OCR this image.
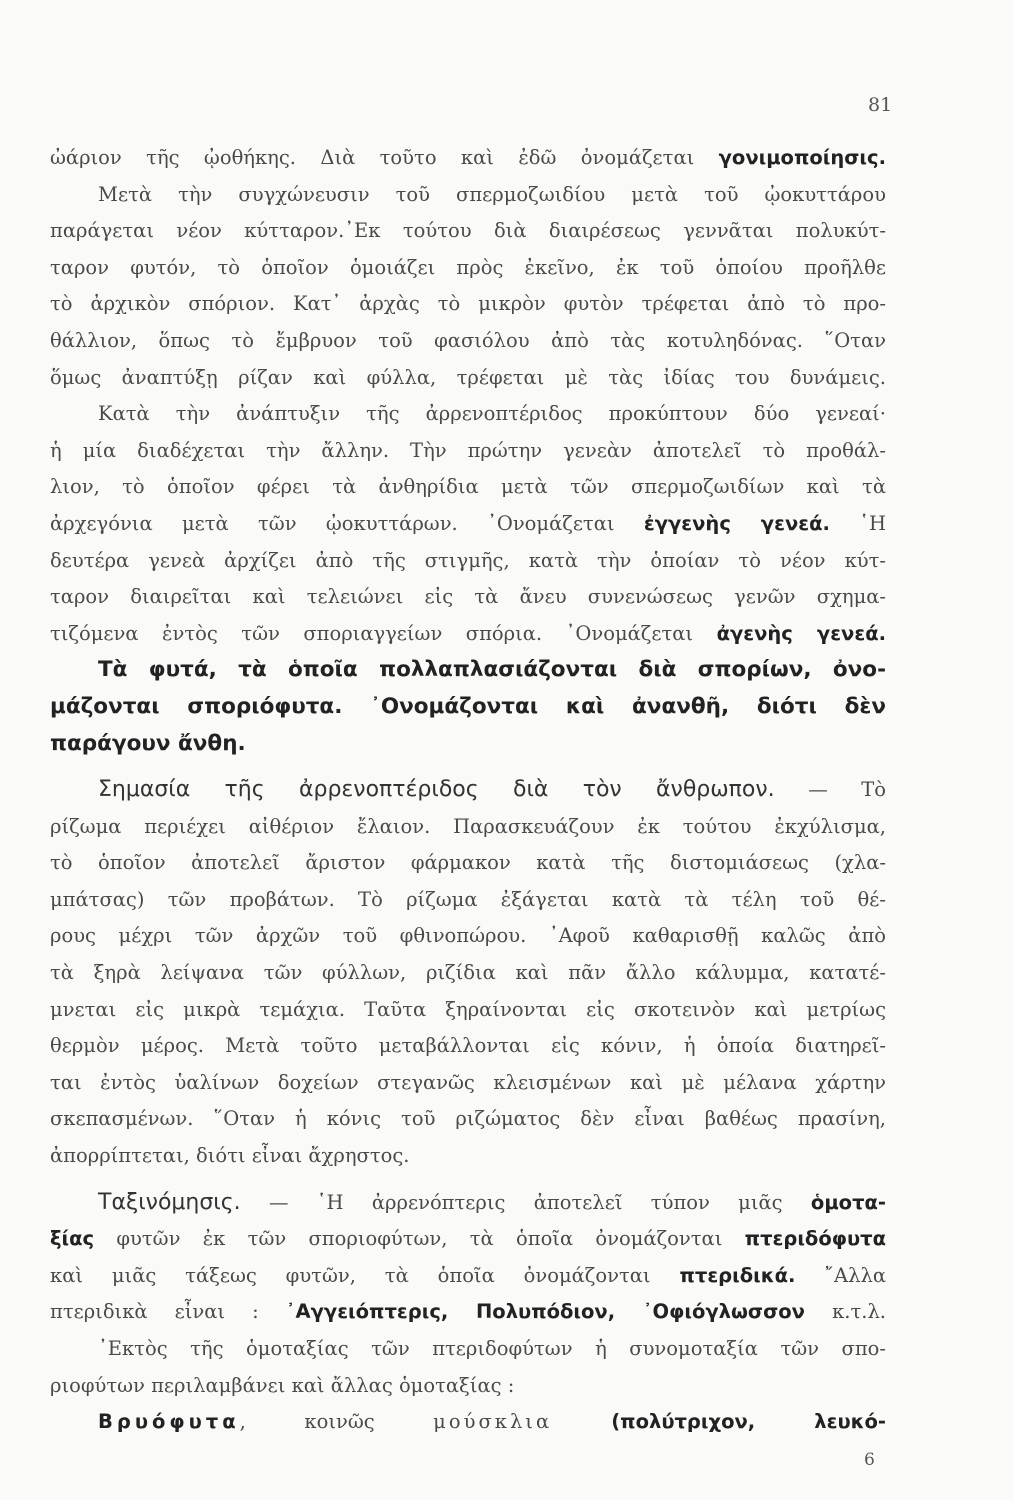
81
ὠάριον τῆς ᾠοθήκης. Διὰ τοῦτο καὶ ἐδῶ ὀνομάζεται γονιμοποίησις.
Μετὰ τὴν συγχώνευσιν τοῦ σπερμοζωιδίου μετὰ τοῦ ᾠοκυττάρου
παράγεται νέον κύτταρον.᾿Εκ τούτου διὰ διαιρέσεως γεννᾶται πολυκύτ-
ταρον φυτόν, τὸ ὁποῖον ὁμοιάζει πρὸς ἐκεῖνο, ἐκ τοῦ ὁποίου προῆλθε
τὸ ἀρχικὸν σπόριον. Κατ᾿ ἀρχὰς τὸ μικρὸν φυτὸν τρέφεται ἀπὸ τὸ προ-
θάλλιον, ὅπως τὸ ἔμβρυον τοῦ φασιόλου ἀπὸ τὰς κοτυληδόνας. ῞Οταν
ὅμως ἀναπτύξῃ ρίζαν καὶ φύλλα, τρέφεται μὲ τὰς ἰδίας του δυνάμεις.
Κατὰ τὴν ἀνάπτυξιν τῆς ἀρρενοπτέριδος προκύπτουν δύο γενεαί·
ἡ μία διαδέχεται τὴν ἄλλην. Τὴν πρώτην γενεὰν ἀποτελεῖ τὸ προθάλ-
λιον, τὸ ὁποῖον φέρει τὰ ἀνθηρίδια μετὰ τῶν σπερμοζωιδίων καὶ τὰ
ἀρχεγόνια μετὰ τῶν ᾠοκυττάρων. ᾿Ονομάζεται ἐγγενὴς γενεά. ῾Η
δευτέρα γενεὰ ἀρχίζει ἀπὸ τῆς στιγμῆς, κατὰ τὴν ὁποίαν τὸ νέον κύτ-
ταρον διαιρεῖται καὶ τελειώνει εἰς τὰ ἄνευ συνενώσεως γενῶν σχημα-
τιζόμενα ἐντὸς τῶν σποριαγγείων σπόρια. ᾿Ονομάζεται ἀγενὴς γενεά.
Τὰ φυτά, τὰ ὁποῖα πολλαπλασιάζονται διὰ σπορίων, ὀνο-
μάζονται σποριόφυτα. ᾿Ονομάζονται καὶ ἀνανθῆ, διότι δὲν
παράγουν ἄνθη.
Σημασία τῆς ἀρρενοπτέριδος διὰ τὸν ἄνθρωπον. — Τὸ
ρίζωμα περιέχει αἰθέριον ἔλαιον. Παρασκευάζουν ἐκ τούτου ἐκχύλισμα,
τὸ ὁποῖον ἀποτελεῖ ἄριστον φάρμακον κατὰ τῆς διστομιάσεως (χλα-
μπάτσας) τῶν προβάτων. Τὸ ρίζωμα ἐξάγεται κατὰ τὰ τέλη τοῦ θέ-
ρους μέχρι τῶν ἀρχῶν τοῦ φθινοπώρου. ᾿Αφοῦ καθαρισθῇ καλῶς ἀπὸ
τὰ ξηρὰ λείψανα τῶν φύλλων, ριζίδια καὶ πᾶν ἄλλο κάλυμμα, κατατέ-
μνεται εἰς μικρὰ τεμάχια. Ταῦτα ξηραίνονται εἰς σκοτεινὸν καὶ μετρίως
θερμὸν μέρος. Μετὰ τοῦτο μεταβάλλονται εἰς κόνιν, ἡ ὁποία διατηρεῖ-
ται ἐντὸς ὑαλίνων δοχείων στεγανῶς κλεισμένων καὶ μὲ μέλανα χάρτην
σκεπασμένων. ῞Οταν ἡ κόνις τοῦ ριζώματος δὲν εἶναι βαθέως πρασίνη,
ἀπορρίπτεται, διότι εἶναι ἄχρηστος.
Ταξινόμησις. — ῾Η ἀρρενόπτερις ἀποτελεῖ τύπον μιᾶς ὁμοτα-
ξίας φυτῶν ἐκ τῶν σποριοφύτων, τὰ ὁποῖα ὀνομάζονται πτεριδόφυτα
καὶ μιᾶς τάξεως φυτῶν, τὰ ὁποῖα ὀνομάζονται πτεριδικά. ῎Αλλα
πτεριδικὰ εἶναι : ᾿Αγγειόπτερις, Πολυπόδιον, ᾿Οφιόγλωσσον κ.τ.λ.
᾿Εκτὸς τῆς ὁμοταξίας τῶν πτεριδοφύτων ἡ συνομοταξία τῶν σπο-
ριοφύτων περιλαμβάνει καὶ ἄλλας ὁμοταξίας :
Βρυόφυτα, κοινῶς μούσκλια (πολύτριχον, λευκό-
6
